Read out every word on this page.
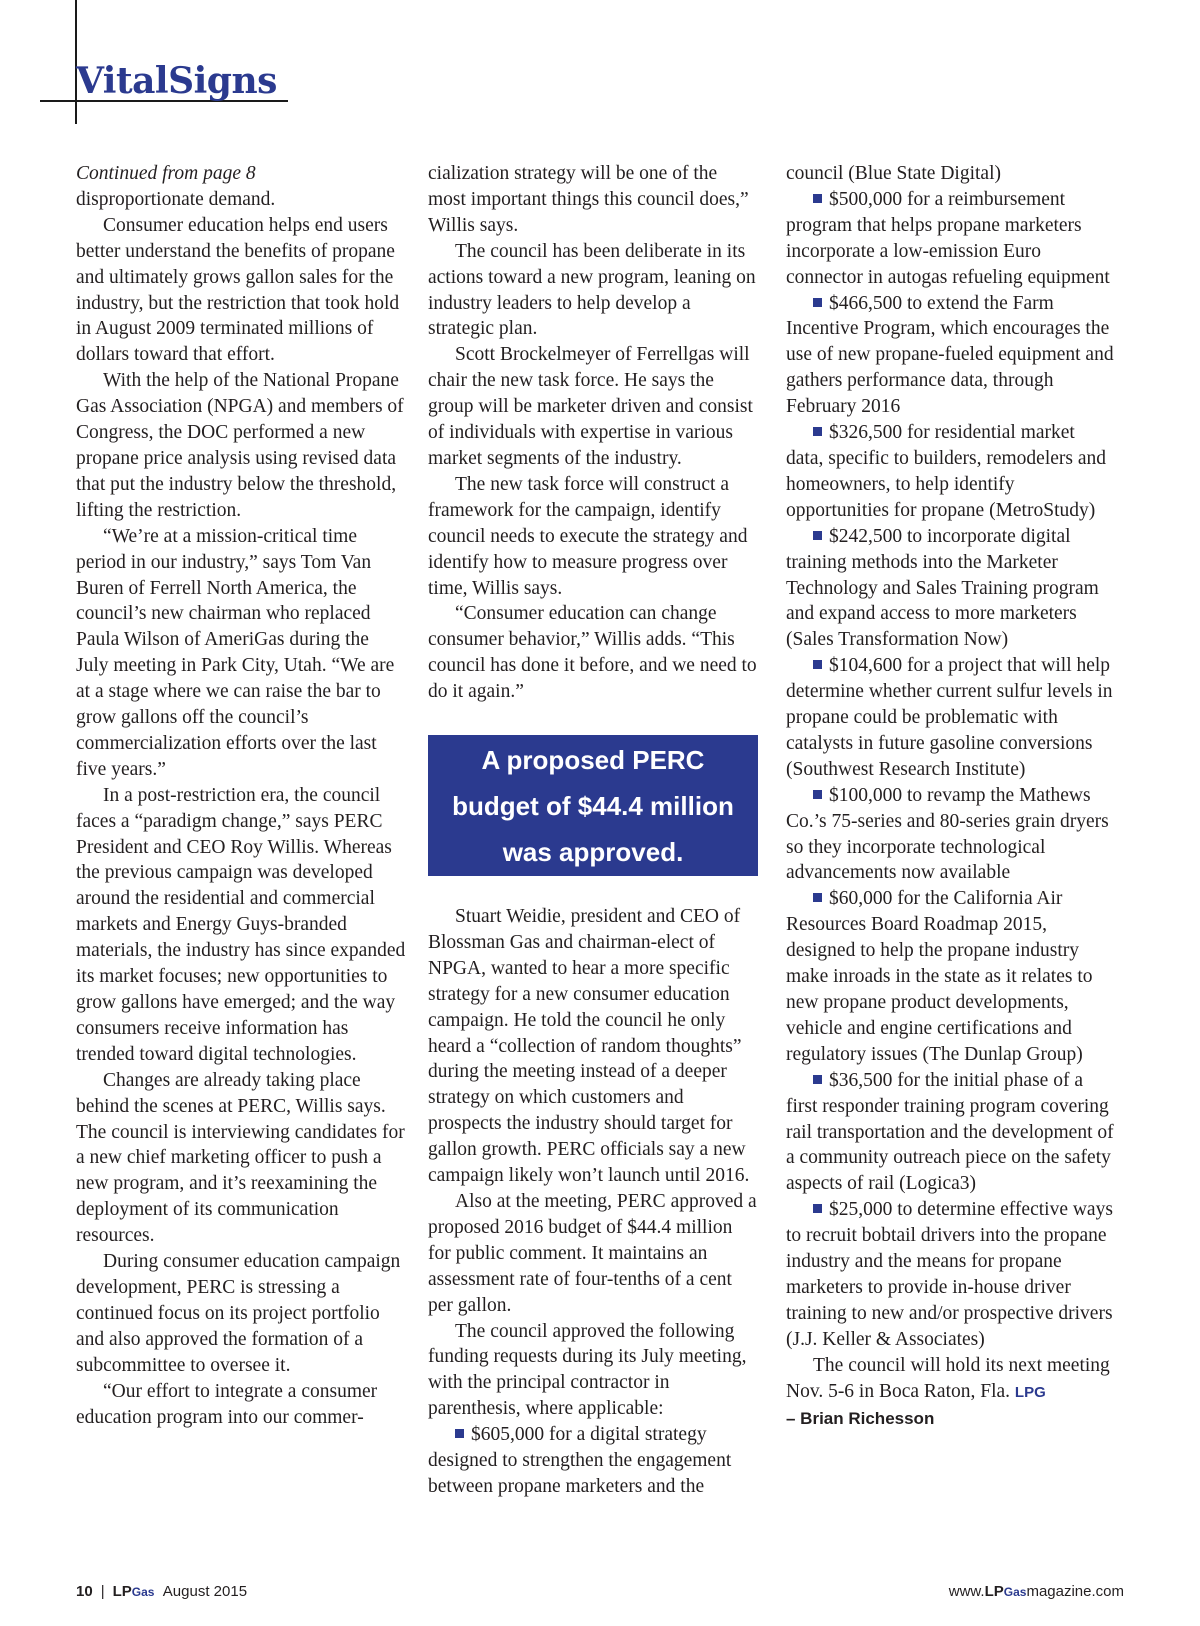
VitalSigns

Continued from page 8

disproportionate demand.

Consumer education helps end users better understand the benefits of propane and ultimately grows gallon sales for the industry, but the restriction that took hold in August 2009 terminated millions of dollars toward that effort.

With the help of the National Propane Gas Association (NPGA) and members of Congress, the DOC performed a new propane price analysis using revised data that put the industry below the threshold, lifting the restriction.

“We’re at a mission-critical time period in our industry,” says Tom Van Buren of Ferrell North America, the council’s new chairman who replaced Paula Wilson of AmeriGas during the July meeting in Park City, Utah. “We are at a stage where we can raise the bar to grow gallons off the council’s commercialization efforts over the last five years.”

In a post-restriction era, the council faces a “paradigm change,” says PERC President and CEO Roy Willis. Whereas the previous campaign was developed around the residential and commercial markets and Energy Guys-branded materials, the industry has since expanded its market focuses; new opportunities to grow gallons have emerged; and the way consumers receive information has trended toward digital technologies.

Changes are already taking place behind the scenes at PERC, Willis says. The council is interviewing candidates for a new chief marketing officer to push a new program, and it’s reexamining the deployment of its communication resources.

During consumer education campaign development, PERC is stressing a continued focus on its project portfolio and also approved the formation of a subcommittee to oversee it.

“Our effort to integrate a consumer education program into our commer-

cialization strategy will be one of the most important things this council does,” Willis says.

The council has been deliberate in its actions toward a new program, leaning on industry leaders to help develop a strategic plan.

Scott Brockelmeyer of Ferrellgas will chair the new task force. He says the group will be marketer driven and consist of individuals with expertise in various market segments of the industry.

The new task force will construct a framework for the campaign, identify council needs to execute the strategy and identify how to measure progress over time, Willis says.

“Consumer education can change consumer behavior,” Willis adds. “This council has done it before, and we need to do it again.”

A proposed PERC budget of $44.4 million was approved.

Stuart Weidie, president and CEO of Blossman Gas and chairman-elect of NPGA, wanted to hear a more specific strategy for a new consumer education campaign. He told the council he only heard a “collection of random thoughts” during the meeting instead of a deeper strategy on which customers and prospects the industry should target for gallon growth. PERC officials say a new campaign likely won’t launch until 2016.

Also at the meeting, PERC approved a proposed 2016 budget of $44.4 million for public comment. It maintains an assessment rate of four-tenths of a cent per gallon.

The council approved the following funding requests during its July meeting, with the principal contractor in parenthesis, where applicable:

$605,000 for a digital strategy designed to strengthen the engagement between propane marketers and the

council (Blue State Digital)

$500,000 for a reimbursement program that helps propane marketers incorporate a low-emission Euro connector in autogas refueling equipment

$466,500 to extend the Farm Incentive Program, which encourages the use of new propane-fueled equipment and gathers performance data, through February 2016

$326,500 for residential market data, specific to builders, remodelers and homeowners, to help identify opportunities for propane (MetroStudy)

$242,500 to incorporate digital training methods into the Marketer Technology and Sales Training program and expand access to more marketers (Sales Transformation Now)

$104,600 for a project that will help determine whether current sulfur levels in propane could be problematic with catalysts in future gasoline conversions (Southwest Research Institute)

$100,000 to revamp the Mathews Co.’s 75-series and 80-series grain dryers so they incorporate technological advancements now available

$60,000 for the California Air Resources Board Roadmap 2015, designed to help the propane industry make inroads in the state as it relates to new propane product developments, vehicle and engine certifications and regulatory issues (The Dunlap Group)

$36,500 for the initial phase of a first responder training program covering rail transportation and the development of a community outreach piece on the safety aspects of rail (Logica3)

$25,000 to determine effective ways to recruit bobtail drivers into the propane industry and the means for propane marketers to provide in-house driver training to new and/or prospective drivers (J.J. Keller & Associates)

The council will hold its next meeting Nov. 5-6 in Boca Raton, Fla. LPG

– Brian Richesson

10 | LPGas August 2015	www.LPGasmagazine.com
